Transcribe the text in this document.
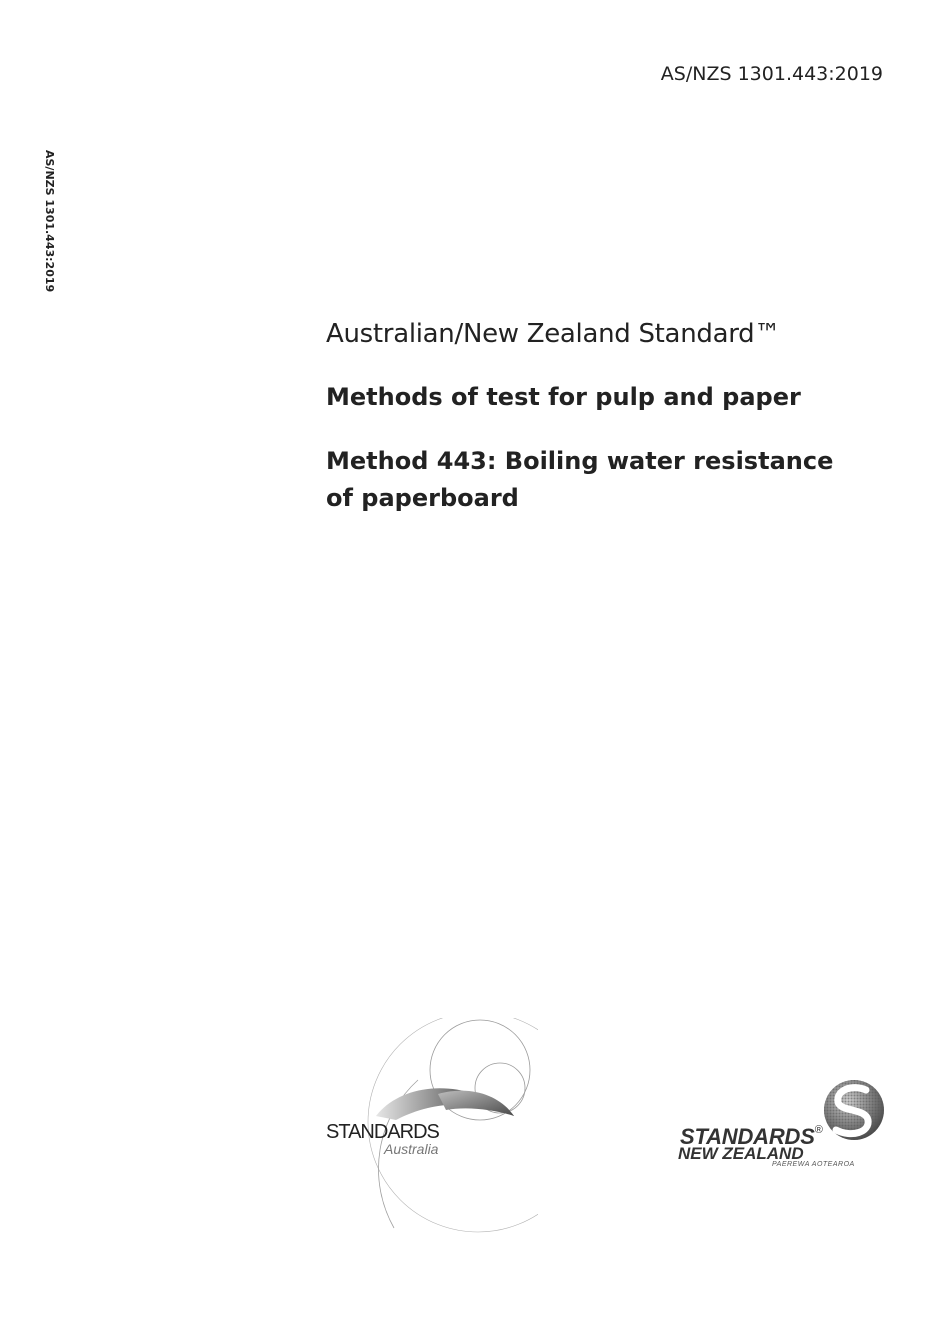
AS/NZS 1301.443:2019
AS/NZS 1301.443:2019
Australian/New Zealand Standard™
Methods of test for pulp and paper
Method 443: Boiling water resistance of paperboard
STANDARDS
Australia	STANDARDS®
NEW ZEALAND
PAEREWA AOTEAROA
